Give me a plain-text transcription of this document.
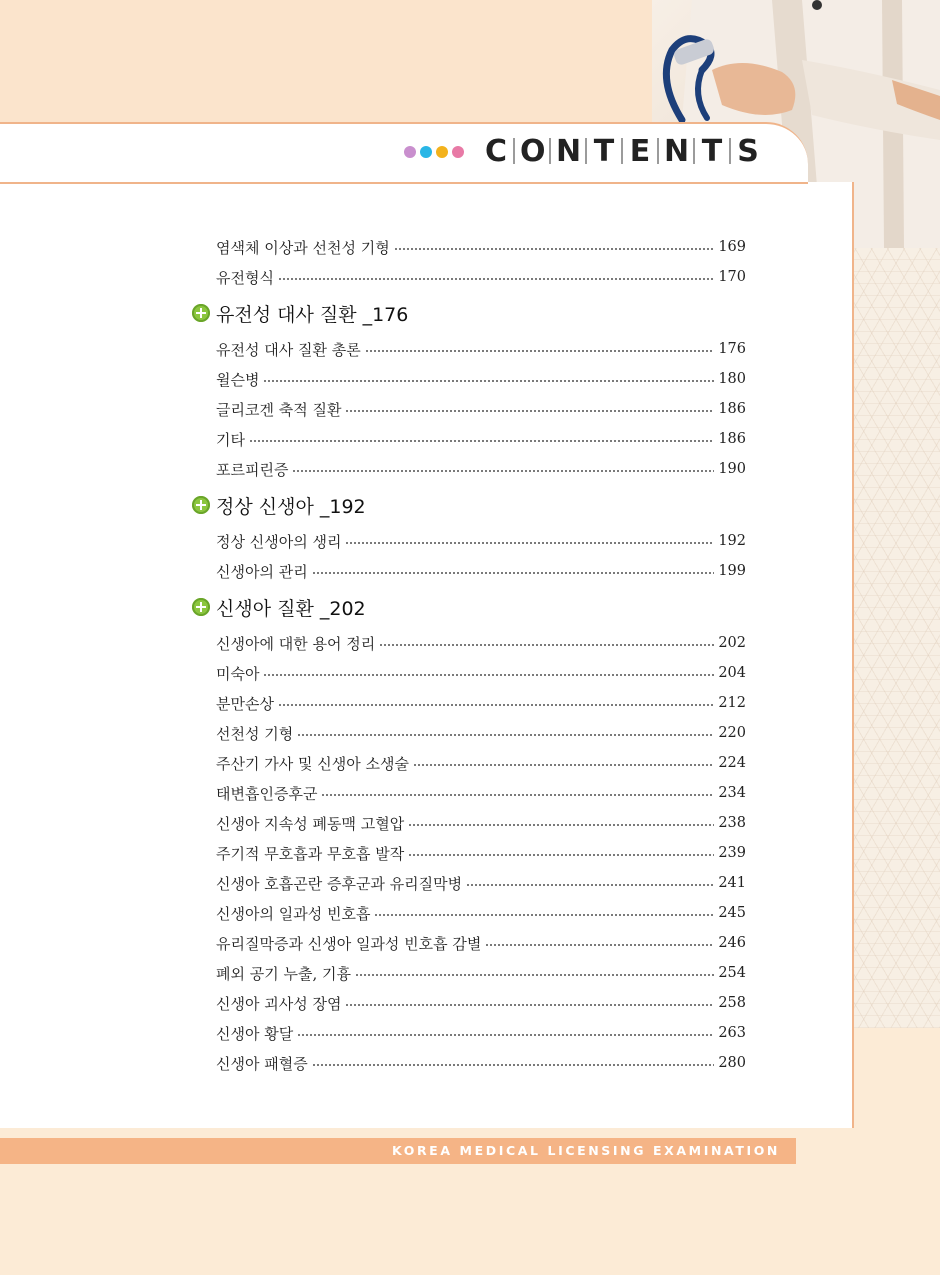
KOREA MEDICAL LICENSING EXAMINATION
C O N T E N T S
염색체 이상과 선천성 기형	169
유전형식	170
유전성 대사 질환 _176
유전성 대사 질환 총론	176
윌슨병	180
글리코겐 축적 질환	186
기타	186
포르피린증	190
정상 신생아 _192
정상 신생아의 생리	192
신생아의 관리	199
신생아 질환 _202
신생아에 대한 용어 정리	202
미숙아	204
분만손상	212
선천성 기형	220
주산기 가사 및 신생아 소생술	224
태변흡인증후군	234
신생아 지속성 폐동맥 고혈압	238
주기적 무호흡과 무호흡 발작	239
신생아 호흡곤란 증후군과 유리질막병	241
신생아의 일과성 빈호흡	245
유리질막증과 신생아 일과성 빈호흡 감별	246
폐외 공기 누출, 기흉	254
신생아 괴사성 장염	258
신생아 황달	263
신생아 패혈증	280
